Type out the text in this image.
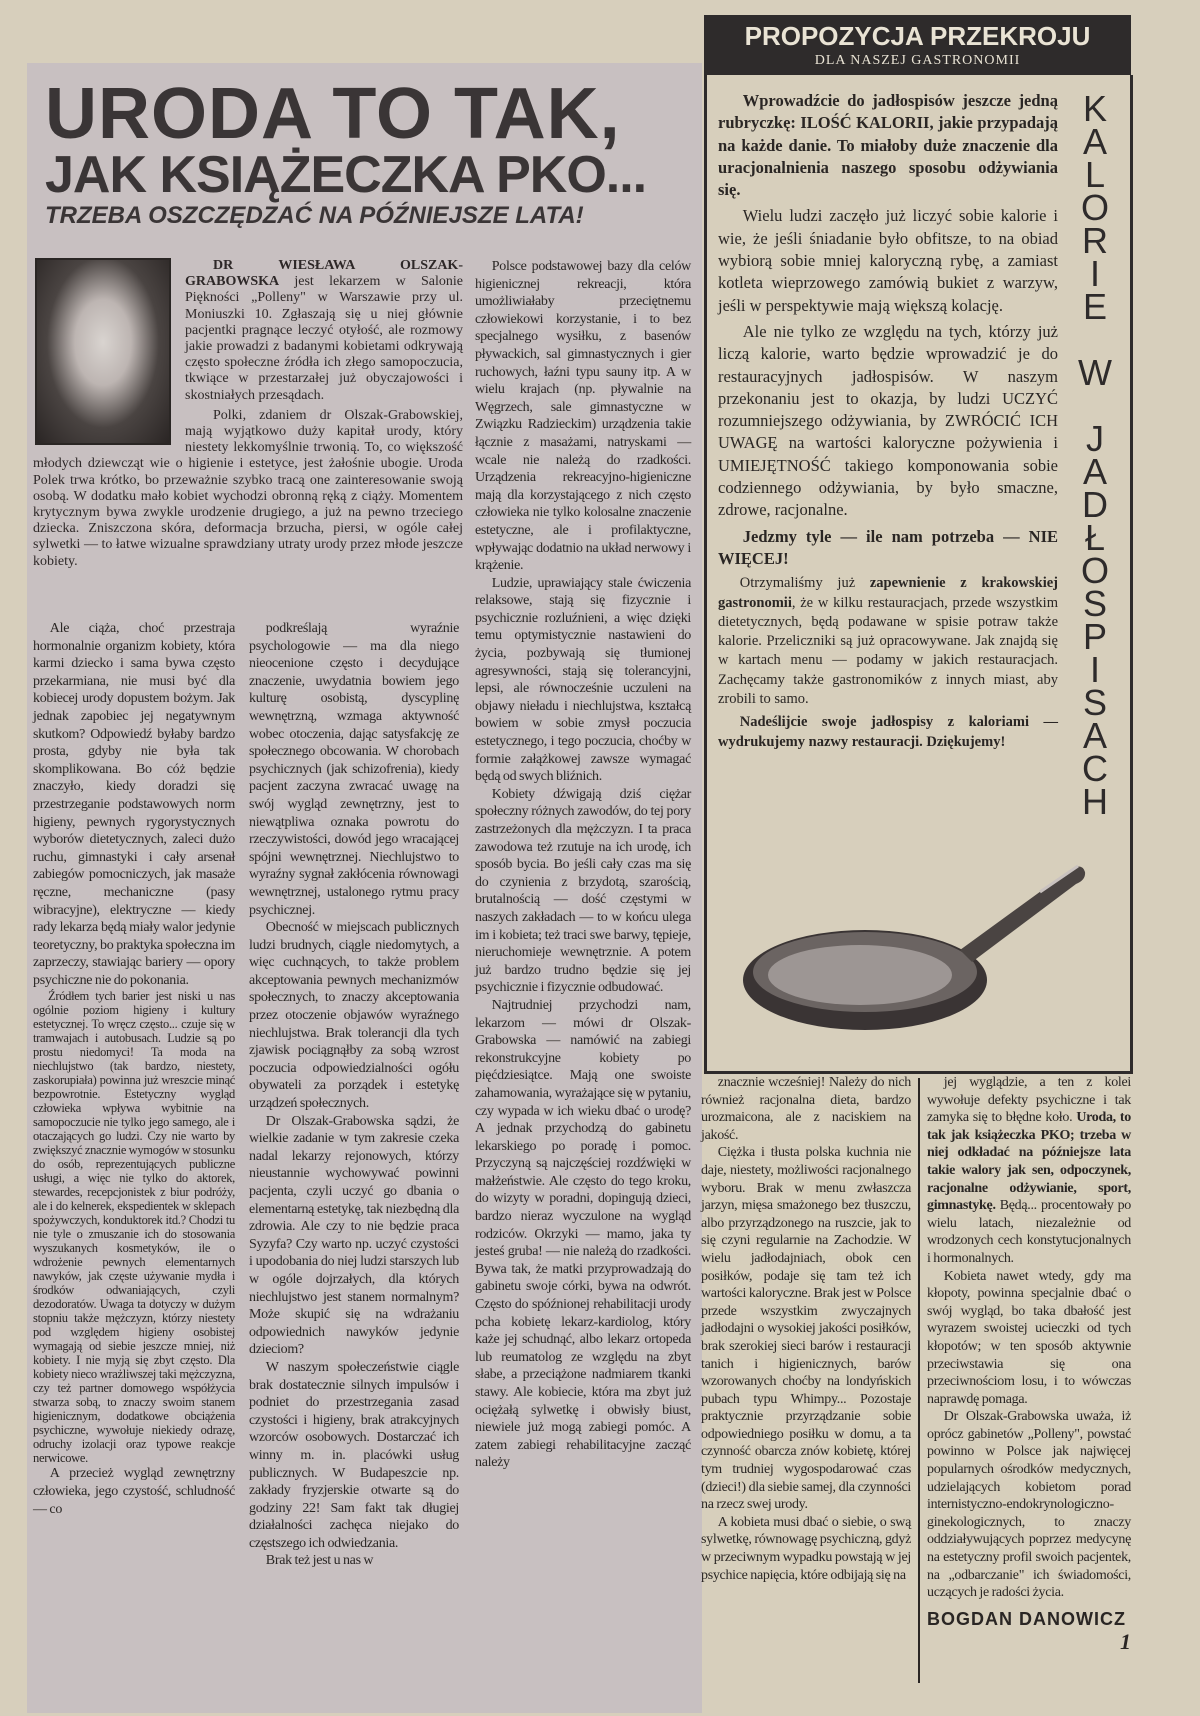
URODA TO TAK,
JAK KSIĄŻECZKA PKO...
TRZEBA OSZCZĘDZAĆ NA PÓŹNIEJSZE LATA!

DR WIESŁAWA OLSZAK-GRABOWSKA jest lekarzem w Salonie Piękności „Polleny" w Warszawie przy ul. Moniuszki 10. Zgłaszają się u niej głównie pacjentki pragnące leczyć otyłość, ale rozmowy jakie prowadzi z badanymi kobietami odkrywają często społeczne źródła ich złego samopoczucia, tkwiące w przestarzałej już obyczajowości i skostniałych przesądach.

Polki, zdaniem dr Olszak-Grabowskiej, mają wyjątkowo duży kapitał urody, który niestety lekkomyślnie trwonią. To, co większość młodych dziewcząt wie o higienie i estetyce, jest żałośnie ubogie. Uroda Polek trwa krótko, bo przeważnie szybko tracą one zainteresowanie swoją osobą. W dodatku mało kobiet wychodzi obronną ręką z ciąży. Momentem krytycznym bywa zwykle urodzenie drugiego, a już na pewno trzeciego dziecka. Zniszczona skóra, deformacja brzucha, piersi, w ogóle całej sylwetki — to łatwe wizualne sprawdziany utraty urody przez młode jeszcze kobiety.

Ale ciąża, choć przestraja hormonalnie organizm kobiety, która karmi dziecko i sama bywa często przekarmiana, nie musi być dla kobiecej urody dopustem bożym. Jak jednak zapobiec jej negatywnym skutkom? Odpowiedź byłaby bardzo prosta, gdyby nie była tak skomplikowana. Bo cóż będzie znaczyło, kiedy doradzi się przestrzeganie podstawowych norm higieny, pewnych rygorystycznych wyborów dietetycznych, zaleci dużo ruchu, gimnastyki i cały arsenał zabiegów pomocniczych, jak masaże ręczne, mechaniczne (pasy wibracyjne), elektryczne — kiedy rady lekarza będą miały walor jedynie teoretyczny, bo praktyka społeczna im zaprzeczy, stawiając bariery — opory psychiczne nie do pokonania.

Źródłem tych barier jest niski u nas ogólnie poziom higieny i kultury estetycznej. To wręcz często... czuje się w tramwajach i autobusach. Ludzie są po prostu niedomyci! Ta moda na niechlujstwo (tak bardzo, niestety, zaskorupiała) powinna już wreszcie minąć bezpowrotnie. Estetyczny wygląd człowieka wpływa wybitnie na samopoczucie nie tylko jego samego, ale i otaczających go ludzi. Czy nie warto by zwiększyć znacznie wymogów w stosunku do osób, reprezentujących publiczne usługi, a więc nie tylko do aktorek, stewardes, recepcjonistek z biur podróży, ale i do kelnerek, ekspedientek w sklepach spożywczych, konduktorek itd.? Chodzi tu nie tyle o zmuszanie ich do stosowania wyszukanych kosmetyków, ile o wdrożenie pewnych elementarnych nawyków, jak częste używanie mydła i środków odwaniających, czyli dezodoratów. Uwaga ta dotyczy w dużym stopniu także mężczyzn, którzy niestety pod względem higieny osobistej wymagają od siebie jeszcze mniej, niż kobiety. I nie myją się zbyt często. Dla kobiety nieco wrażliwszej taki mężczyzna, czy też partner domowego współżycia stwarza sobą, to znaczy swoim stanem higienicznym, dodatkowe obciążenia psychiczne, wywołuje niekiedy odrazę, odruchy izolacji oraz typowe reakcje nerwicowe.

A przecież wygląd zewnętrzny człowieka, jego czystość, schludność — co

podkreślają wyraźnie psychologowie — ma dla niego nieocenione często i decydujące znaczenie, uwydatnia bowiem jego kulturę osobistą, dyscyplinę wewnętrzną, wzmaga aktywność wobec otoczenia, dając satysfakcję ze społecznego obcowania. W chorobach psychicznych (jak schizofrenia), kiedy pacjent zaczyna zwracać uwagę na swój wygląd zewnętrzny, jest to niewątpliwa oznaka powrotu do rzeczywistości, dowód jego wracającej spójni wewnętrznej. Niechlujstwo to wyraźny sygnał zakłócenia równowagi wewnętrznej, ustalonego rytmu pracy psychicznej.

Obecność w miejscach publicznych ludzi brudnych, ciągle niedomytych, a więc cuchnących, to także problem akceptowania pewnych mechanizmów społecznych, to znaczy akceptowania przez otoczenie objawów wyraźnego niechlujstwa. Brak tolerancji dla tych zjawisk pociągnąłby za sobą wzrost poczucia odpowiedzialności ogółu obywateli za porządek i estetykę urządzeń społecznych.

Dr Olszak-Grabowska sądzi, że wielkie zadanie w tym zakresie czeka nadal lekarzy rejonowych, którzy nieustannie wychowywać powinni pacjenta, czyli uczyć go dbania o elementarną estetykę, tak niezbędną dla zdrowia. Ale czy to nie będzie praca Syzyfa? Czy warto np. uczyć czystości i upodobania do niej ludzi starszych lub w ogóle dojrzałych, dla których niechlujstwo jest stanem normalnym? Może skupić się na wdrażaniu odpowiednich nawyków jedynie dzieciom?

W naszym społeczeństwie ciągle brak dostatecznie silnych impulsów i podniet do przestrzegania zasad czystości i higieny, brak atrakcyjnych wzorców osobowych. Dostarczać ich winny m. in. placówki usług publicznych. W Budapeszcie np. zakłady fryzjerskie otwarte są do godziny 22! Sam fakt tak długiej działalności zachęca niejako do częstszego ich odwiedzania.

Brak też jest u nas w

Polsce podstawowej bazy dla celów higienicznej rekreacji, która umożliwiałaby przeciętnemu człowiekowi korzystanie, i to bez specjalnego wysiłku, z basenów pływackich, sal gimnastycznych i gier ruchowych, łaźni typu sauny itp. A w wielu krajach (np. pływalnie na Węgrzech, sale gimnastyczne w Związku Radzieckim) urządzenia takie łącznie z masażami, natryskami — wcale nie należą do rzadkości. Urządzenia rekreacyjno-higieniczne mają dla korzystającego z nich często człowieka nie tylko kolosalne znaczenie estetyczne, ale i profilaktyczne, wpływając dodatnio na układ nerwowy i krążenie.

Ludzie, uprawiający stale ćwiczenia relaksowe, stają się fizycznie i psychicznie rozluźnieni, a więc dzięki temu optymistycznie nastawieni do życia, pozbywają się tłumionej agresywności, stają się tolerancyjni, lepsi, ale równocześnie uczuleni na objawy nieładu i niechlujstwa, kształcą bowiem w sobie zmysł poczucia estetycznego, i tego poczucia, choćby w formie załążkowej zawsze wymagać będą od swych bliźnich.

Kobiety dźwigają dziś ciężar społeczny różnych zawodów, do tej pory zastrzeżonych dla mężczyzn. I ta praca zawodowa też rzutuje na ich urodę, ich sposób bycia. Bo jeśli cały czas ma się do czynienia z brzydotą, szarością, brutalnością — dość częstymi w naszych zakładach — to w końcu ulega im i kobieta; też traci swe barwy, tępieje, nieruchomieje wewnętrznie. A potem już bardzo trudno będzie się jej psychicznie i fizycznie odbudować.

Najtrudniej przychodzi nam, lekarzom — mówi dr Olszak-Grabowska — namówić na zabiegi rekonstrukcyjne kobiety po pięćdziesiątce. Mają one swoiste zahamowania, wyrażające się w pytaniu, czy wypada w ich wieku dbać o urodę? A jednak przychodzą do gabinetu lekarskiego po poradę i pomoc. Przyczyną są najczęściej rozdźwięki w małżeństwie. Ale często do tego kroku, do wizyty w poradni, dopingują dzieci, bardzo nieraz wyczulone na wygląd rodziców. Okrzyki — mamo, jaka ty jesteś gruba! — nie należą do rzadkości. Bywa tak, że matki przyprowadzają do gabinetu swoje córki, bywa na odwrót. Często do spóźnionej rehabilitacji urody pcha kobietę lekarz-kardiolog, który każe jej schudnąć, albo lekarz ortopeda lub reumatolog ze względu na zbyt słabe, a przeciążone nadmiarem tkanki stawy. Ale kobiecie, która ma zbyt już ociężałą sylwetkę i obwisły biust, niewiele już mogą zabiegi pomóc. A zatem zabiegi rehabilitacyjne zacząć należy

znacznie wcześniej! Należy do nich również racjonalna dieta, bardzo urozmaicona, ale z naciskiem na jakość.

Ciężka i tłusta polska kuchnia nie daje, niestety, możliwości racjonalnego wyboru. Brak w menu zwłaszcza jarzyn, mięsa smażonego bez tłuszczu, albo przyrządzonego na ruszcie, jak to się czyni regularnie na Zachodzie. W wielu jadłodajniach, obok cen posiłków, podaje się tam też ich wartości kaloryczne. Brak jest w Polsce przede wszystkim zwyczajnych jadłodajni o wysokiej jakości posiłków, brak szerokiej sieci barów i restauracji tanich i higienicznych, barów wzorowanych choćby na londyńskich pubach typu Whimpy... Pozostaje praktycznie przyrządzanie sobie odpowiedniego posiłku w domu, a ta czynność obarcza znów kobietę, której tym trudniej wygospodarować czas (dzieci!) dla siebie samej, dla czynności na rzecz swej urody.

A kobieta musi dbać o siebie, o swą sylwetkę, równowagę psychiczną, gdyż w przeciwnym wypadku powstają w jej psychice napięcia, które odbijają się na

jej wyglądzie, a ten z kolei wywołuje defekty psychiczne i tak zamyka się to błędne koło. Uroda, to tak jak książeczka PKO; trzeba w niej odkładać na późniejsze lata takie walory jak sen, odpoczynek, racjonalne odżywianie, sport, gimnastykę. Będą... procentowały po wielu latach, niezależnie od wrodzonych cech konstytucjonalnych i hormonalnych.

Kobieta nawet wtedy, gdy ma kłopoty, powinna specjalnie dbać o swój wygląd, bo taka dbałość jest wyrazem swoistej ucieczki od tych kłopotów; w ten sposób aktywnie przeciwstawia się ona przeciwnościom losu, i to wówczas naprawdę pomaga.

Dr Olszak-Grabowska uważa, iż oprócz gabinetów „Polleny", powstać powinno w Polsce jak najwięcej popularnych ośrodków medycznych, udzielających kobietom porad internistyczno-endokrynologiczno-ginekologicznych, to znaczy oddziaływujących poprzez medycynę na estetyczny profil swoich pacjentek, na „odbarczanie" ich świadomości, uczących je radości życia.

BOGDAN DANOWICZ
1
PROPOZYCJA PRZEKROJU
DLA NASZEJ GASTRONOMII

Wprowadźcie do jadłospisów jeszcze jedną rubryczkę: ILOŚĆ KALORII, jakie przypadają na każde danie. To miałoby duże znaczenie dla uracjonalnienia naszego sposobu odżywiania się.

Wielu ludzi zaczęło już liczyć sobie kalorie i wie, że jeśli śniadanie było obfitsze, to na obiad wybiorą sobie mniej kaloryczną rybę, a zamiast kotleta wieprzowego zamówią bukiet z warzyw, jeśli w perspektywie mają większą kolację.

Ale nie tylko ze względu na tych, którzy już liczą kalorie, warto będzie wprowadzić je do restauracyjnych jadłospisów. W naszym przekonaniu jest to okazja, by ludzi UCZYĆ rozumniejszego odżywiania, by ZWRÓCIĆ ICH UWAGĘ na wartości kaloryczne pożywienia i UMIEJĘTNOŚĆ takiego komponowania sobie codziennego odżywiania, by było smaczne, zdrowe, racjonalne.

Jedzmy tyle — ile nam potrzeba — NIE WIĘCEJ!

Otrzymaliśmy już zapewnienie z krakowskiej gastronomii, że w kilku restauracjach, przede wszystkim dietetycznych, będą podawane w spisie potraw także kalorie. Przeliczniki są już opracowywane. Jak znajdą się w kartach menu — podamy w jakich restauracjach. Zachęcamy także gastronomików z innych miast, aby zrobili to samo.

Nadeślijcie swoje jadłospisy z kaloriami — wydrukujemy nazwy restauracji. Dziękujemy!

K
A
L
O
R
I
E

W

J
A
D
Ł
O
S
P
I
S
A
C
H
